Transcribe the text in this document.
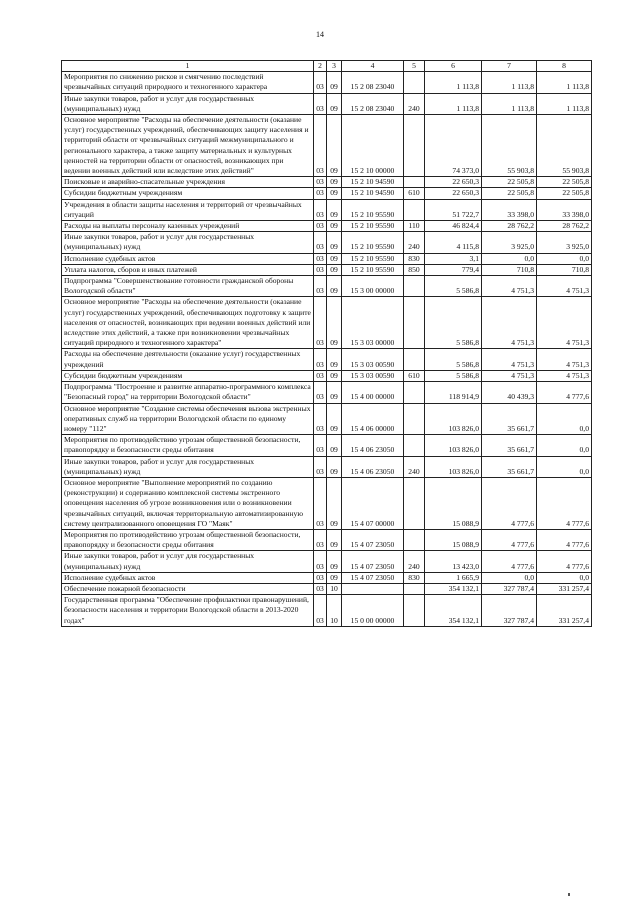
14
1	2	3	4	5	6	7	8
Мероприятия по снижению рисков и смягчению последствий чрезвычайных ситуаций природного и техногенного характера	03	09	15 2 08 23040		1 113,8	1 113,8	1 113,8
Иные закупки товаров, работ и услуг для государственных (муниципальных) нужд	03	09	15 2 08 23040	240	1 113,8	1 113,8	1 113,8
Основное мероприятие "Расходы на обеспечение деятельности (оказание услуг) государственных учреждений, обеспечивающих защиту населения и территорий области от чрезвычайных ситуаций межмуниципального и регионального характера, а также защиту материальных и культурных ценностей на территории области от опасностей, возникающих при ведении военных действий или вследствие этих действий"	03	09	15 2 10 00000		74 373,0	55 903,8	55 903,8
Поисковые и аварийно-спасательные учреждения	03	09	15 2 10 94590		22 650,3	22 505,8	22 505,8
Субсидии бюджетным учреждениям	03	09	15 2 10 94590	610	22 650,3	22 505,8	22 505,8
Учреждения в области защиты населения и территорий от чрезвычайных ситуаций	03	09	15 2 10 95590		51 722,7	33 398,0	33 398,0
Расходы на выплаты персоналу казенных учреждений	03	09	15 2 10 95590	110	46 824,4	28 762,2	28 762,2
Иные закупки товаров, работ и услуг для государственных (муниципальных) нужд	03	09	15 2 10 95590	240	4 115,8	3 925,0	3 925,0
Исполнение судебных актов	03	09	15 2 10 95590	830	3,1	0,0	0,0
Уплата налогов, сборов и иных платежей	03	09	15 2 10 95590	850	779,4	710,8	710,8
Подпрограмма "Совершенствование готовности гражданской обороны Вологодской области"	03	09	15 3 00 00000		5 586,8	4 751,3	4 751,3
Основное мероприятие "Расходы на обеспечение деятельности (оказание услуг) государственных учреждений, обеспечивающих подготовку к защите населения от опасностей, возникающих при ведении военных действий или вследствие этих действий, а также при возникновении чрезвычайных ситуаций природного и техногенного характера"	03	09	15 3 03 00000		5 586,8	4 751,3	4 751,3
Расходы на обеспечение деятельности (оказание услуг) государственных учреждений	03	09	15 3 03 00590		5 586,8	4 751,3	4 751,3
Субсидии бюджетным учреждениям	03	09	15 3 03 00590	610	5 586,8	4 751,3	4 751,3
Подпрограмма "Построение и развитие аппаратно-программного комплекса "Безопасный город" на территории Вологодской области"	03	09	15 4 00 00000		118 914,9	40 439,3	4 777,6
Основное мероприятие "Создание системы обеспечения вызова экстренных оперативных служб на территории Вологодской области по единому номеру "112"	03	09	15 4 06 00000		103 826,0	35 661,7	0,0
Мероприятия по противодействию угрозам общественной безопасности, правопорядку и безопасности среды обитания	03	09	15 4 06 23050		103 826,0	35 661,7	0,0
Иные закупки товаров, работ и услуг для государственных (муниципальных) нужд	03	09	15 4 06 23050	240	103 826,0	35 661,7	0,0
Основное мероприятие "Выполнение мероприятий по созданию (реконструкции) и содержанию комплексной системы экстренного оповещения населения об угрозе возникновения или о возникновении чрезвычайных ситуаций, включая территориальную автоматизированную систему централизованного оповещения ГО "Маяк"	03	09	15 4 07 00000		15 088,9	4 777,6	4 777,6
Мероприятия по противодействию угрозам общественной безопасности, правопорядку и безопасности среды обитания	03	09	15 4 07 23050		15 088,9	4 777,6	4 777,6
Иные закупки товаров, работ и услуг для государственных (муниципальных) нужд	03	09	15 4 07 23050	240	13 423,0	4 777,6	4 777,6
Исполнение судебных актов	03	09	15 4 07 23050	830	1 665,9	0,0	0,0
Обеспечение пожарной безопасности	03	10			354 132,1	327 787,4	331 257,4
Государственная программа "Обеспечение профилактики правонарушений, безопасности населения и территории Вологодской области в 2013-2020 годах"	03	10	15 0 00 00000		354 132,1	327 787,4	331 257,4
